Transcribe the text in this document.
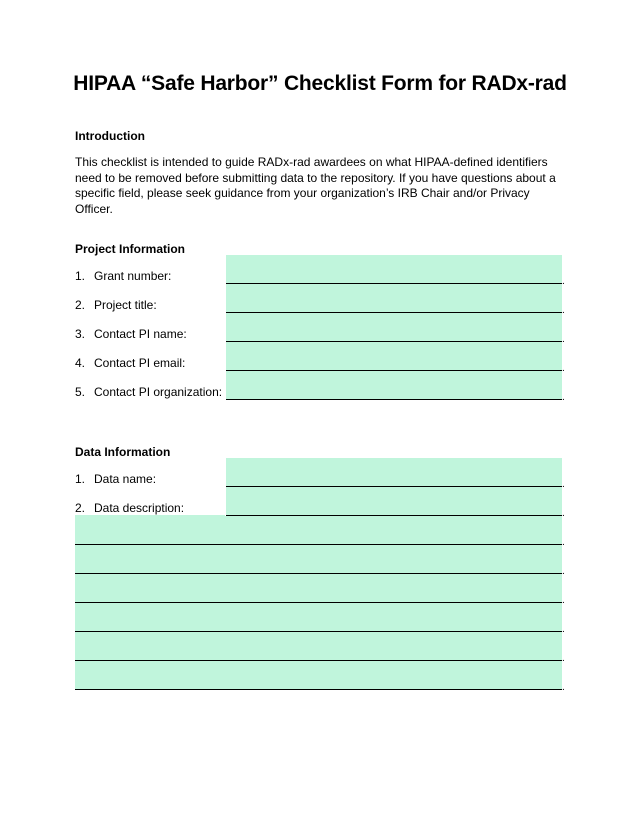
HIPAA “Safe Harbor” Checklist Form for RADx-rad
Introduction

This checklist is intended to guide RADx-rad awardees on what HIPAA-defined identifiers need to be removed before submitting data to the repository. If you have questions about a specific field, please seek guidance from your organization’s IRB Chair and/or Privacy Officer.

Project Information
1. Grant number:
2. Project title:
3. Contact PI name:
4. Contact PI email:
5. Contact PI organization:
Data Information
1. Data name:
2. Data description:
.
.
.
.
.
.
.
.
.
.
.
.
.
